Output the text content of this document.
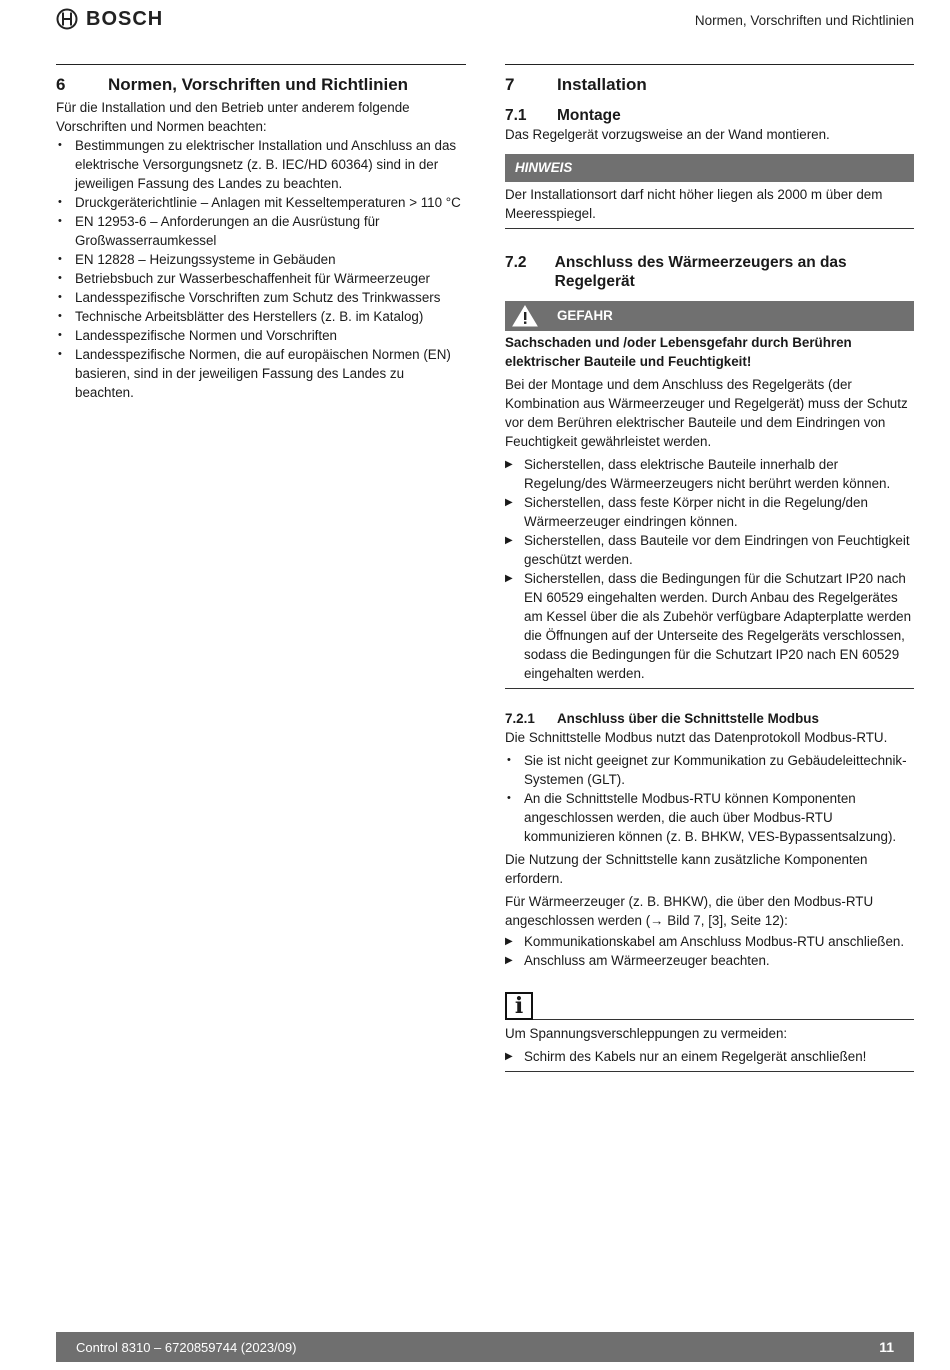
BOSCH	Normen, Vorschriften und Richtlinien
6	Normen, Vorschriften und Richtlinien

Für die Installation und den Betrieb unter anderem folgende Vorschriften und Normen beachten:

• Bestimmungen zu elektrischer Installation und Anschluss an das elektrische Versorgungsnetz (z. B. IEC/HD 60364) sind in der jeweiligen Fassung des Landes zu beachten.
• Druckgeräterichtlinie – Anlagen mit Kesseltemperaturen > 110 °C
• EN 12953-6 – Anforderungen an die Ausrüstung für Großwasserraumkessel
• EN 12828 – Heizungssysteme in Gebäuden
• Betriebsbuch zur Wasserbeschaffenheit für Wärmeerzeuger
• Landesspezifische Vorschriften zum Schutz des Trinkwassers
• Technische Arbeitsblätter des Herstellers (z. B. im Katalog)
• Landesspezifische Normen und Vorschriften
• Landesspezifische Normen, die auf europäischen Normen (EN) basieren, sind in der jeweiligen Fassung des Landes zu beachten.
7	Installation
7.1	Montage

Das Regelgerät vorzugsweise an der Wand montieren.

HINWEIS
Der Installationsort darf nicht höher liegen als 2000 m über dem Meeresspiegel.
7.2	Anschluss des Wärmeerzeugers an das Regelgerät
GEFAHR

Sachschaden und /oder Lebensgefahr durch Berühren elektrischer Bauteile und Feuchtigkeit!

Bei der Montage und dem Anschluss des Regelgeräts (der Kombination aus Wärmeerzeuger und Regelgerät) muss der Schutz vor dem Berühren elektrischer Bauteile und dem Eindringen von Feuchtigkeit gewährleistet werden.

▶ Sicherstellen, dass elektrische Bauteile innerhalb der Regelung/des Wärmeerzeugers nicht berührt werden können.
▶ Sicherstellen, dass feste Körper nicht in die Regelung/den Wärmeerzeuger eindringen können.
▶ Sicherstellen, dass Bauteile vor dem Eindringen von Feuchtigkeit geschützt werden.
▶ Sicherstellen, dass die Bedingungen für die Schutzart IP20 nach EN 60529 eingehalten werden. Durch Anbau des Regelgerätes am Kessel über die als Zubehör verfügbare Adapterplatte werden die Öffnungen auf der Unterseite des Regelgeräts verschlossen, sodass die Bedingungen für die Schutzart IP20 nach EN 60529 eingehalten werden.
7.2.1	Anschluss über die Schnittstelle Modbus

Die Schnittstelle Modbus nutzt das Datenprotokoll Modbus-RTU.

• Sie ist nicht geeignet zur Kommunikation zu Gebäudeleittechnik-Systemen (GLT).
• An die Schnittstelle Modbus-RTU können Komponenten angeschlossen werden, die auch über Modbus-RTU kommunizieren können (z. B. BHKW, VES-Bypassentsalzung).

Die Nutzung der Schnittstelle kann zusätzliche Komponenten erfordern.

Für Wärmeerzeuger (z. B. BHKW), die über den Modbus-RTU angeschlossen werden (→ Bild 7, [3], Seite 12):

▶ Kommunikationskabel am Anschluss Modbus-RTU anschließen.
▶ Anschluss am Wärmeerzeuger beachten.
i

Um Spannungsverschleppungen zu vermeiden:

▶ Schirm des Kabels nur an einem Regelgerät anschließen!
Control 8310 – 6720859744 (2023/09)	11
